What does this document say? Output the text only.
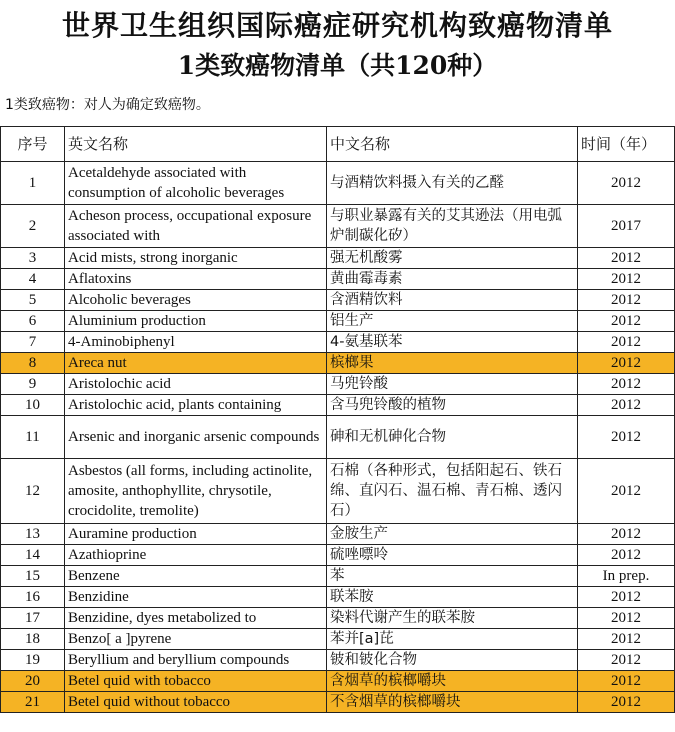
世界卫生组织国际癌症研究机构致癌物清单
1类致癌物清单（共120种）
1类致癌物：对人为确定致癌物。
序号	英文名称	中文名称	时间（年）
1	Acetaldehyde associated with consumption of alcoholic beverages	与酒精饮料摄入有关的乙醛	2012
2	Acheson process, occupational exposure associated with	与职业暴露有关的艾其逊法（用电弧炉制碳化矽）	2017
3	Acid mists, strong inorganic	强无机酸雾	2012
4	Aflatoxins	黄曲霉毒素	2012
5	Alcoholic beverages	含酒精饮料	2012
6	Aluminium production	铝生产	2012
7	4-Aminobiphenyl	4-氨基联苯	2012
8	Areca nut	槟榔果	2012
9	Aristolochic acid	马兜铃酸	2012
10	Aristolochic acid, plants containing	含马兜铃酸的植物	2012
11	Arsenic and inorganic arsenic compounds	砷和无机砷化合物	2012
12	Asbestos (all forms, including actinolite, amosite, anthophyllite, chrysotile, crocidolite, tremolite)	石棉（各种形式，包括阳起石、铁石绵、直闪石、温石棉、青石棉、透闪石）	2012
13	Auramine production	金胺生产	2012
14	Azathioprine	硫唑嘌呤	2012
15	Benzene	苯	In prep.
16	Benzidine	联苯胺	2012
17	Benzidine, dyes metabolized to	染料代谢产生的联苯胺	2012
18	Benzo[ a ]pyrene	苯并[a]芘	2012
19	Beryllium and beryllium compounds	铍和铍化合物	2012
20	Betel quid with tobacco	含烟草的槟榔嚼块	2012
21	Betel quid without tobacco	不含烟草的槟榔嚼块	2012
